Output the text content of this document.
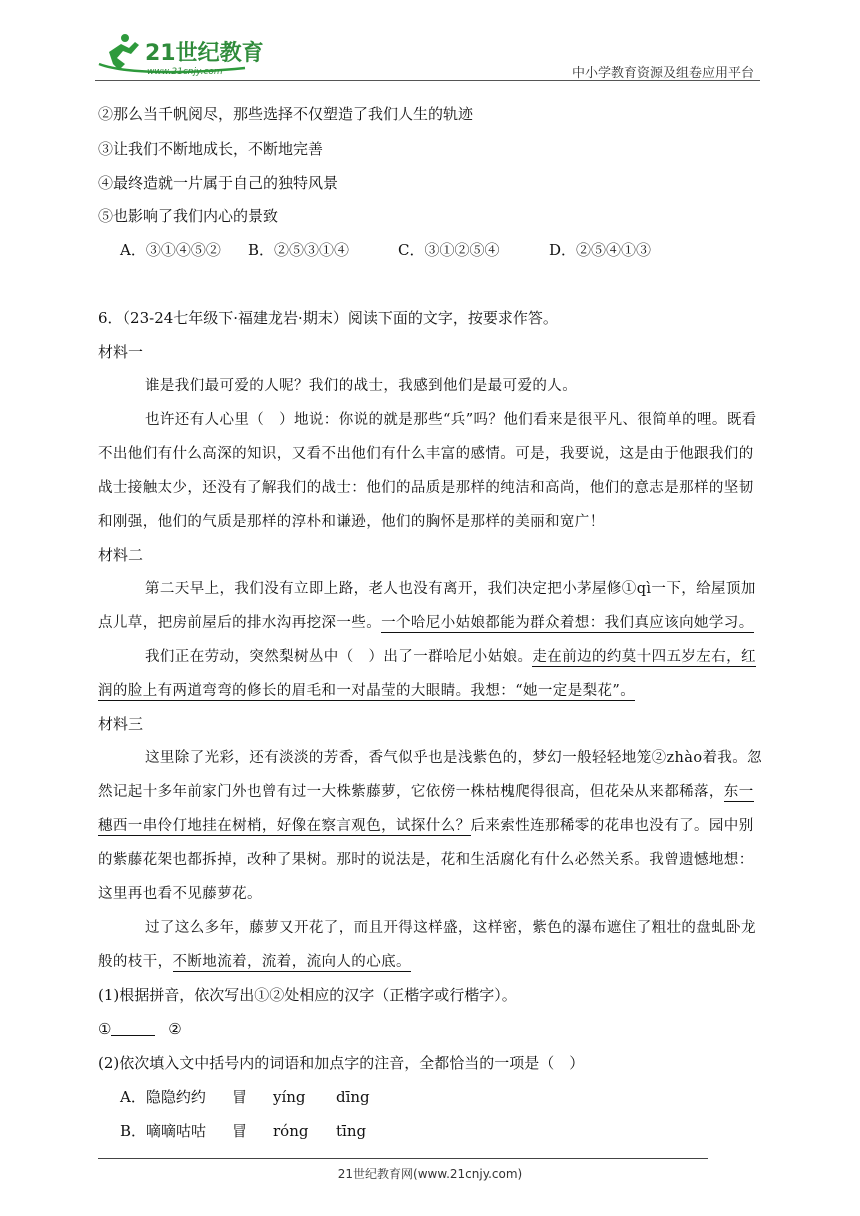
21世纪教育
www.21cnjy.com	中小学教育资源及组卷应用平台
②那么当千帆阅尽，那些选择不仅塑造了我们人生的轨迹
③让我们不断地成长，不断地完善
④最终造就一片属于自己的独特风景
⑤也影响了我们内心的景致
A．③①④⑤② B．②⑤③①④	C．③①②⑤④	D．②⑤④①③
6．（23-24七年级下·福建龙岩·期末）阅读下面的文字，按要求作答。
材料一
谁是我们最可爱的人呢？我们的战士，我感到他们是最可爱的人。
也许还有人心里（　）地说：你说的就是那些“兵”吗？他们看来是很平凡、很简单的哩。既看
不出他们有什么高深的知识，又看不出他们有什么丰富的感情。可是，我要说，这是由于他跟我们的
战士接触太少，还没有了解我们的战士：他们的品质是那样的纯洁和高尚，他们的意志是那样的坚韧
和刚强，他们的气质是那样的淳朴和谦逊，他们的胸怀是那样的美丽和宽广！
材料二
第二天早上，我们没有立即上路，老人也没有离开，我们决定把小茅屋修①qì一下，给屋顶加
点儿草，把房前屋后的排水沟再挖深一些。一个哈尼小姑娘都能为群众着想：我们真应该向她学习。
我们正在劳动，突然梨树丛中（　）出了一群哈尼小姑娘。走在前边的约莫十四五岁左右，红
润的脸上有两道弯弯的修长的眉毛和一对晶莹的大眼睛。我想：“她一定是梨花”。
材料三
这里除了光彩，还有淡淡的芳香，香气似乎也是浅紫色的，梦幻一般轻轻地笼②zhào着我。忽
然记起十多年前家门外也曾有过一大株紫藤萝，它依傍一株枯槐爬得很高，但花朵从来都稀落，东一
穗西一串伶仃地挂在树梢，好像在察言观色，试探什么？后来索性连那稀零的花串也没有了。园中别
的紫藤花架也都拆掉，改种了果树。那时的说法是，花和生活腐化有什么必然关系。我曾遗憾地想：
这里再也看不见藤萝花。
过了这么多年，藤萝又开花了，而且开得这样盛，这样密，紫色的瀑布遮住了粗壮的盘虬卧龙
般的枝干，不断地流着，流着，流向人的心底。
(1)根据拼音，依次写出①②处相应的汉字（正楷字或行楷字）。
①	②
(2)依次填入文中括号内的词语和加点字的注音，全都恰当的一项是（　）
A．隐隐约约 冒 yíng dīng
B．嘀嘀咕咕 冒 róng tīng
21世纪教育网(www.21cnjy.com)
